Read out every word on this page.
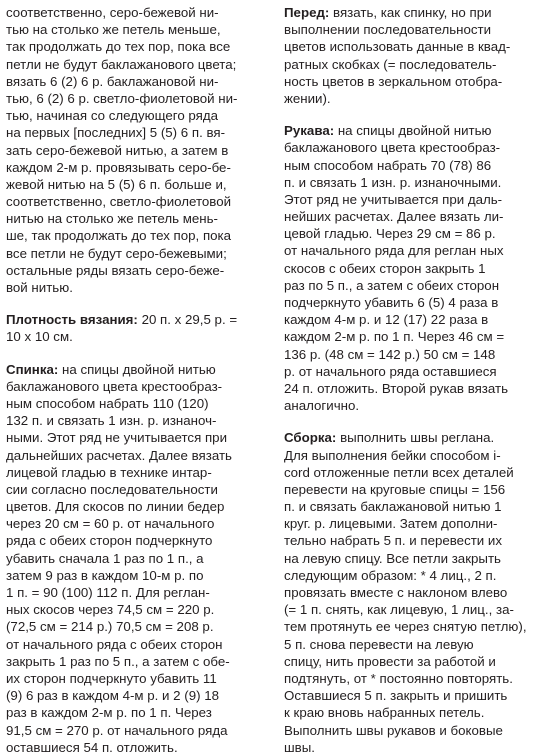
соответственно, серо-бежевой ни-
тью на столько же петель меньше,
так продолжать до тех пор, пока все
петли не будут баклажанового цвета;
вязать 6 (2) 6 р. баклажановой ни-
тью, 6 (2) 6 р. светло-фиолетовой ни-
тью, начиная со следующего ряда
на первых [последних] 5 (5) 6 п. вя-
зать серо-бежевой нитью, а затем в
каждом 2-м р. провязывать серо-бе-
жевой нитью на 5 (5) 6 п. больше и,
соответственно, светло-фиолетовой
нитью на столько же петель мень-
ше, так продолжать до тех пор, пока
все петли не будут серо-бежевыми;
остальные ряды вязать серо-беже-
вой нитью.
Плотность вязания: 20 п. х 29,5 р. =
10 х 10 см.
Спинка: на спицы двойной нитью
баклажанового цвета крестообраз-
ным способом набрать 110 (120)
132 п. и связать 1 изн. р. изнаноч-
ными. Этот ряд не учитывается при
дальнейших расчетах. Далее вязать
лицевой гладью в технике интар-
сии согласно последовательности
цветов. Для скосов по линии бедер
через 20 см = 60 р. от начального
ряда с обеих сторон подчеркнуто
убавить сначала 1 раз по 1 п., а
затем 9 раз в каждом 10-м р. по
1 п. = 90 (100) 112 п. Для реглан-
ных скосов через 74,5 см = 220 р.
(72,5 см = 214 р.) 70,5 см = 208 р.
от начального ряда с обеих сторон
закрыть 1 раз по 5 п., а затем с обе-
их сторон подчеркнуто убавить 11
(9) 6 раз в каждом 4-м р. и 2 (9) 18
раз в каждом 2-м р. по 1 п. Через
91,5 см = 270 р. от начального ряда
оставшиеся 54 п. отложить.
Перед: вязать, как спинку, но при
выполнении последовательности
цветов использовать данные в квад-
ратных скобках (= последователь-
ность цветов в зеркальном отобра-
жении).
Рукава: на спицы двойной нитью
баклажанового цвета крестообраз-
ным способом набрать 70 (78) 86
п. и связать 1 изн. р. изнаночными.
Этот ряд не учитывается при даль-
нейших расчетах. Далее вязать ли-
цевой гладью. Через 29 см = 86 р.
от начального ряда для реглан ных
скосов с обеих сторон закрыть 1
раз по 5 п., а затем с обеих сторон
подчеркнуто убавить 6 (5) 4 раза в
каждом 4-м р. и 12 (17) 22 раза в
каждом 2-м р. по 1 п. Через 46 см =
136 р. (48 см = 142 р.) 50 см = 148
р. от начального ряда оставшиеся
24 п. отложить. Второй рукав вязать
аналогично.
Сборка: выполнить швы реглана.
Для выполнения бейки способом i-
cord отложенные петли всех деталей
перевести на круговые спицы = 156
п. и связать баклажановой нитью 1
круг. р. лицевыми. Затем дополни-
тельно набрать 5 п. и перевести их
на левую спицу. Все петли закрыть
следующим образом: * 4 лиц., 2 п.
провязать вместе с наклоном влево
(= 1 п. снять, как лицевую, 1 лиц., за-
тем протянуть ее через снятую петлю),
5 п. снова перевести на левую
спицу, нить провести за работой и
подтянуть, от * постоянно повторять.
Оставшиеся 5 п. закрыть и пришить
к краю вновь набранных петель.
Выполнить швы рукавов и боковые
швы.
